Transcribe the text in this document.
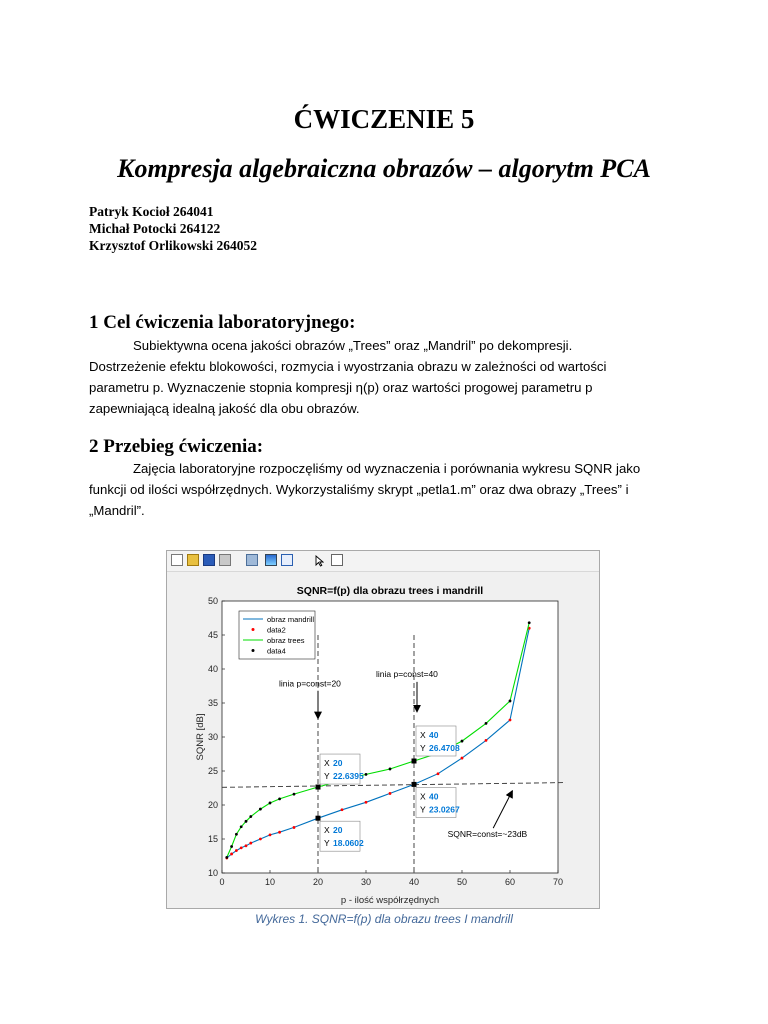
ĆWICZENIE 5
Kompresja algebraiczna obrazów – algorytm PCA
Patryk Kocioł 264041
Michał Potocki 264122
Krzysztof Orlikowski 264052
1 Cel ćwiczenia laboratoryjnego:
Subiektywna ocena jakości obrazów „Trees” oraz „Mandril” po dekompresji.
Dostrzeżenie efektu blokowości, rozmycia i wyostrzania obrazu w zależności od wartości
parametru p. Wyznaczenie stopnia kompresji η(p) oraz wartości progowej parametru p
zapewniającą idealną jakość dla obu obrazów.
2 Przebieg ćwiczenia:
Zajęcia laboratoryjne rozpoczęliśmy od wyznaczenia i porównania wykresu SQNR jako
funkcji od ilości współrzędnych. Wykorzystaliśmy skrypt „petla1.m” oraz dwa obrazy „Trees” i
„Mandril”.
SQNR=f(p) dla obrazu trees i mandrill
0	10	20	30	40	50	60	70
10
15
20
25
30
35
40
45
50
p - ilość współrzędnych
SQNR [dB]
linia p=const=20
linia p=const=40
SQNR=const=~23dB
X 20
Y 22.6395
X 20
Y 18.0602
X 40
Y 26.4708
X 40
Y 23.0267
obraz mandrill
data2
obraz trees
data4
Wykres 1. SQNR=f(p) dla obrazu trees I mandrill
